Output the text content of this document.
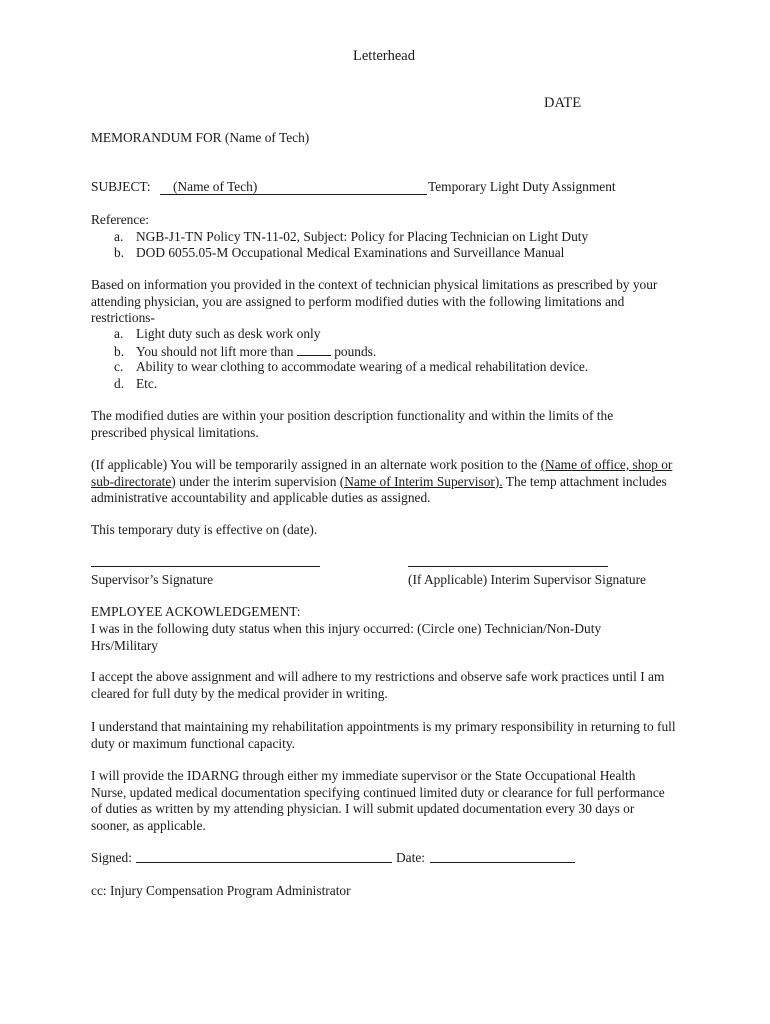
Letterhead
DATE
MEMORANDUM FOR (Name of Tech)
SUBJECT: (Name of Tech)	Temporary Light Duty Assignment
Reference:
a. NGB-J1-TN Policy TN-11-02, Subject: Policy for Placing Technician on Light Duty
b. DOD 6055.05-M Occupational Medical Examinations and Surveillance Manual
Based on information you provided in the context of technician physical limitations as prescribed by your attending physician, you are assigned to perform modified duties with the following limitations and restrictions-
a. Light duty such as desk work only
b. You should not lift more than	pounds.
c. Ability to wear clothing to accommodate wearing of a medical rehabilitation device.
d. Etc.
The modified duties are within your position description functionality and within the limits of the prescribed physical limitations.
(If applicable) You will be temporarily assigned in an alternate work position to the (Name of office, shop or sub-directorate) under the interim supervision (Name of Interim Supervisor). The temp attachment includes administrative accountability and applicable duties as assigned.
This temporary duty is effective on (date).
Supervisor’s Signature	(If Applicable) Interim Supervisor Signature
EMPLOYEE ACKOWLEDGEMENT:
I was in the following duty status when this injury occurred: (Circle one) Technician/Non-Duty Hrs/Military
I accept the above assignment and will adhere to my restrictions and observe safe work practices until I am cleared for full duty by the medical provider in writing.
I understand that maintaining my rehabilitation appointments is my primary responsibility in returning to full duty or maximum functional capacity.
I will provide the IDARNG through either my immediate supervisor or the State Occupational Health Nurse, updated medical documentation specifying continued limited duty or clearance for full performance of duties as written by my attending physician. I will submit updated documentation every 30 days or sooner, as applicable.
Signed:	Date:
cc: Injury Compensation Program Administrator
